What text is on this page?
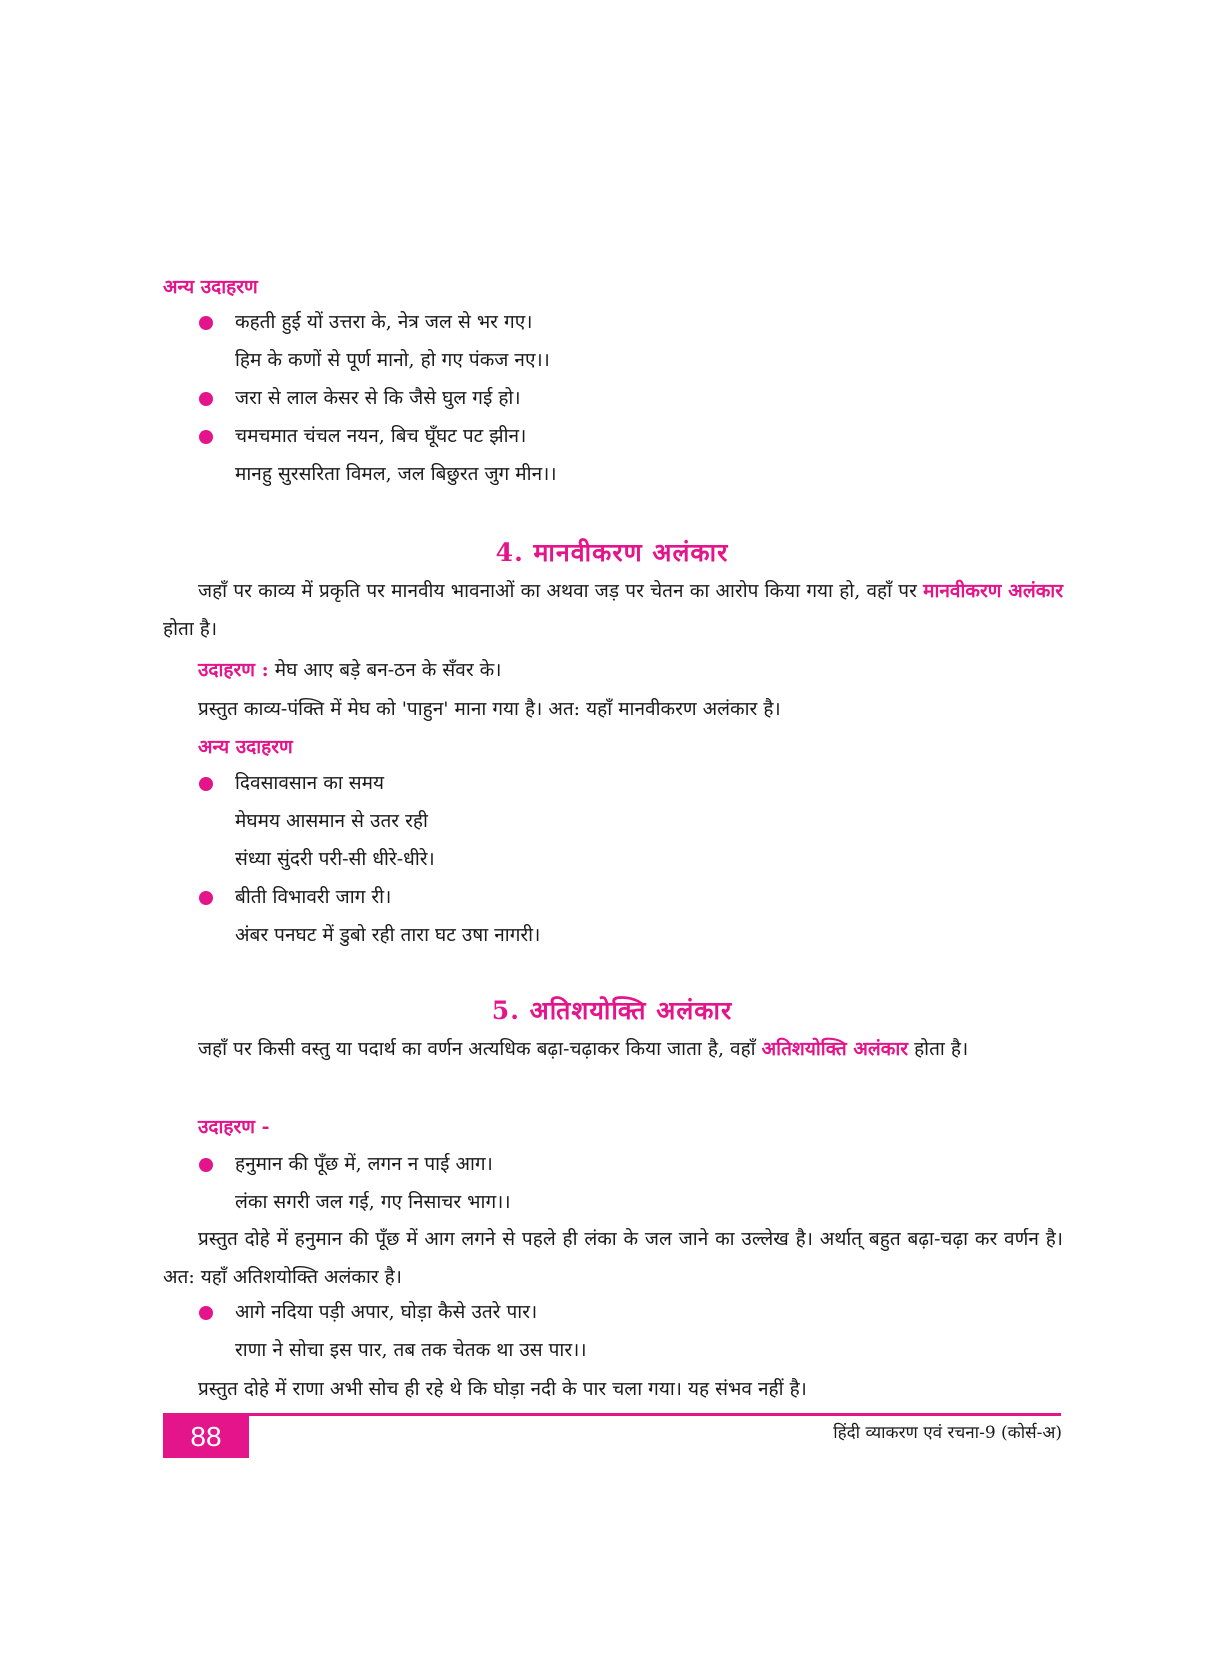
अन्य उदाहरण
कहती हुई यों उत्तरा के, नेत्र जल से भर गए।
हिम के कणों से पूर्ण मानो, हो गए पंकज नए।।
जरा से लाल केसर से कि जैसे घुल गई हो।
चमचमात चंचल नयन, बिच घूँघट पट झीन।
मानहु सुरसरिता विमल, जल बिछुरत जुग मीन।।
4. मानवीकरण अलंकार
जहाँ पर काव्य में प्रकृति पर मानवीय भावनाओं का अथवा जड़ पर चेतन का आरोप किया गया हो, वहाँ पर मानवीकरण अलंकार होता है।
उदाहरण : मेघ आए बड़े बन-ठन के सँवर के।
प्रस्तुत काव्य-पंक्ति में मेघ को 'पाहुन' माना गया है। अत: यहाँ मानवीकरण अलंकार है।
अन्य उदाहरण
दिवसावसान का समय
मेघमय आसमान से उतर रही
संध्या सुंदरी परी-सी धीरे-धीरे।
बीती विभावरी जाग री।
अंबर पनघट में डुबो रही तारा घट उषा नागरी।
5. अतिशयोक्ति अलंकार
जहाँ पर किसी वस्तु या पदार्थ का वर्णन अत्यधिक बढ़ा-चढ़ाकर किया जाता है, वहाँ अतिशयोक्ति अलंकार होता है।
उदाहरण -
हनुमान की पूँछ में, लगन न पाई आग।
लंका सगरी जल गई, गए निसाचर भाग।।
प्रस्तुत दोहे में हनुमान की पूँछ में आग लगने से पहले ही लंका के जल जाने का उल्लेख है। अर्थात् बहुत बढ़ा-चढ़ा कर वर्णन है। अत: यहाँ अतिशयोक्ति अलंकार है।
आगे नदिया पड़ी अपार, घोड़ा कैसे उतरे पार।
राणा ने सोचा इस पार, तब तक चेतक था उस पार।।
प्रस्तुत दोहे में राणा अभी सोच ही रहे थे कि घोड़ा नदी के पार चला गया। यह संभव नहीं है।
88	हिंदी व्याकरण एवं रचना-9 (कोर्स-अ)
